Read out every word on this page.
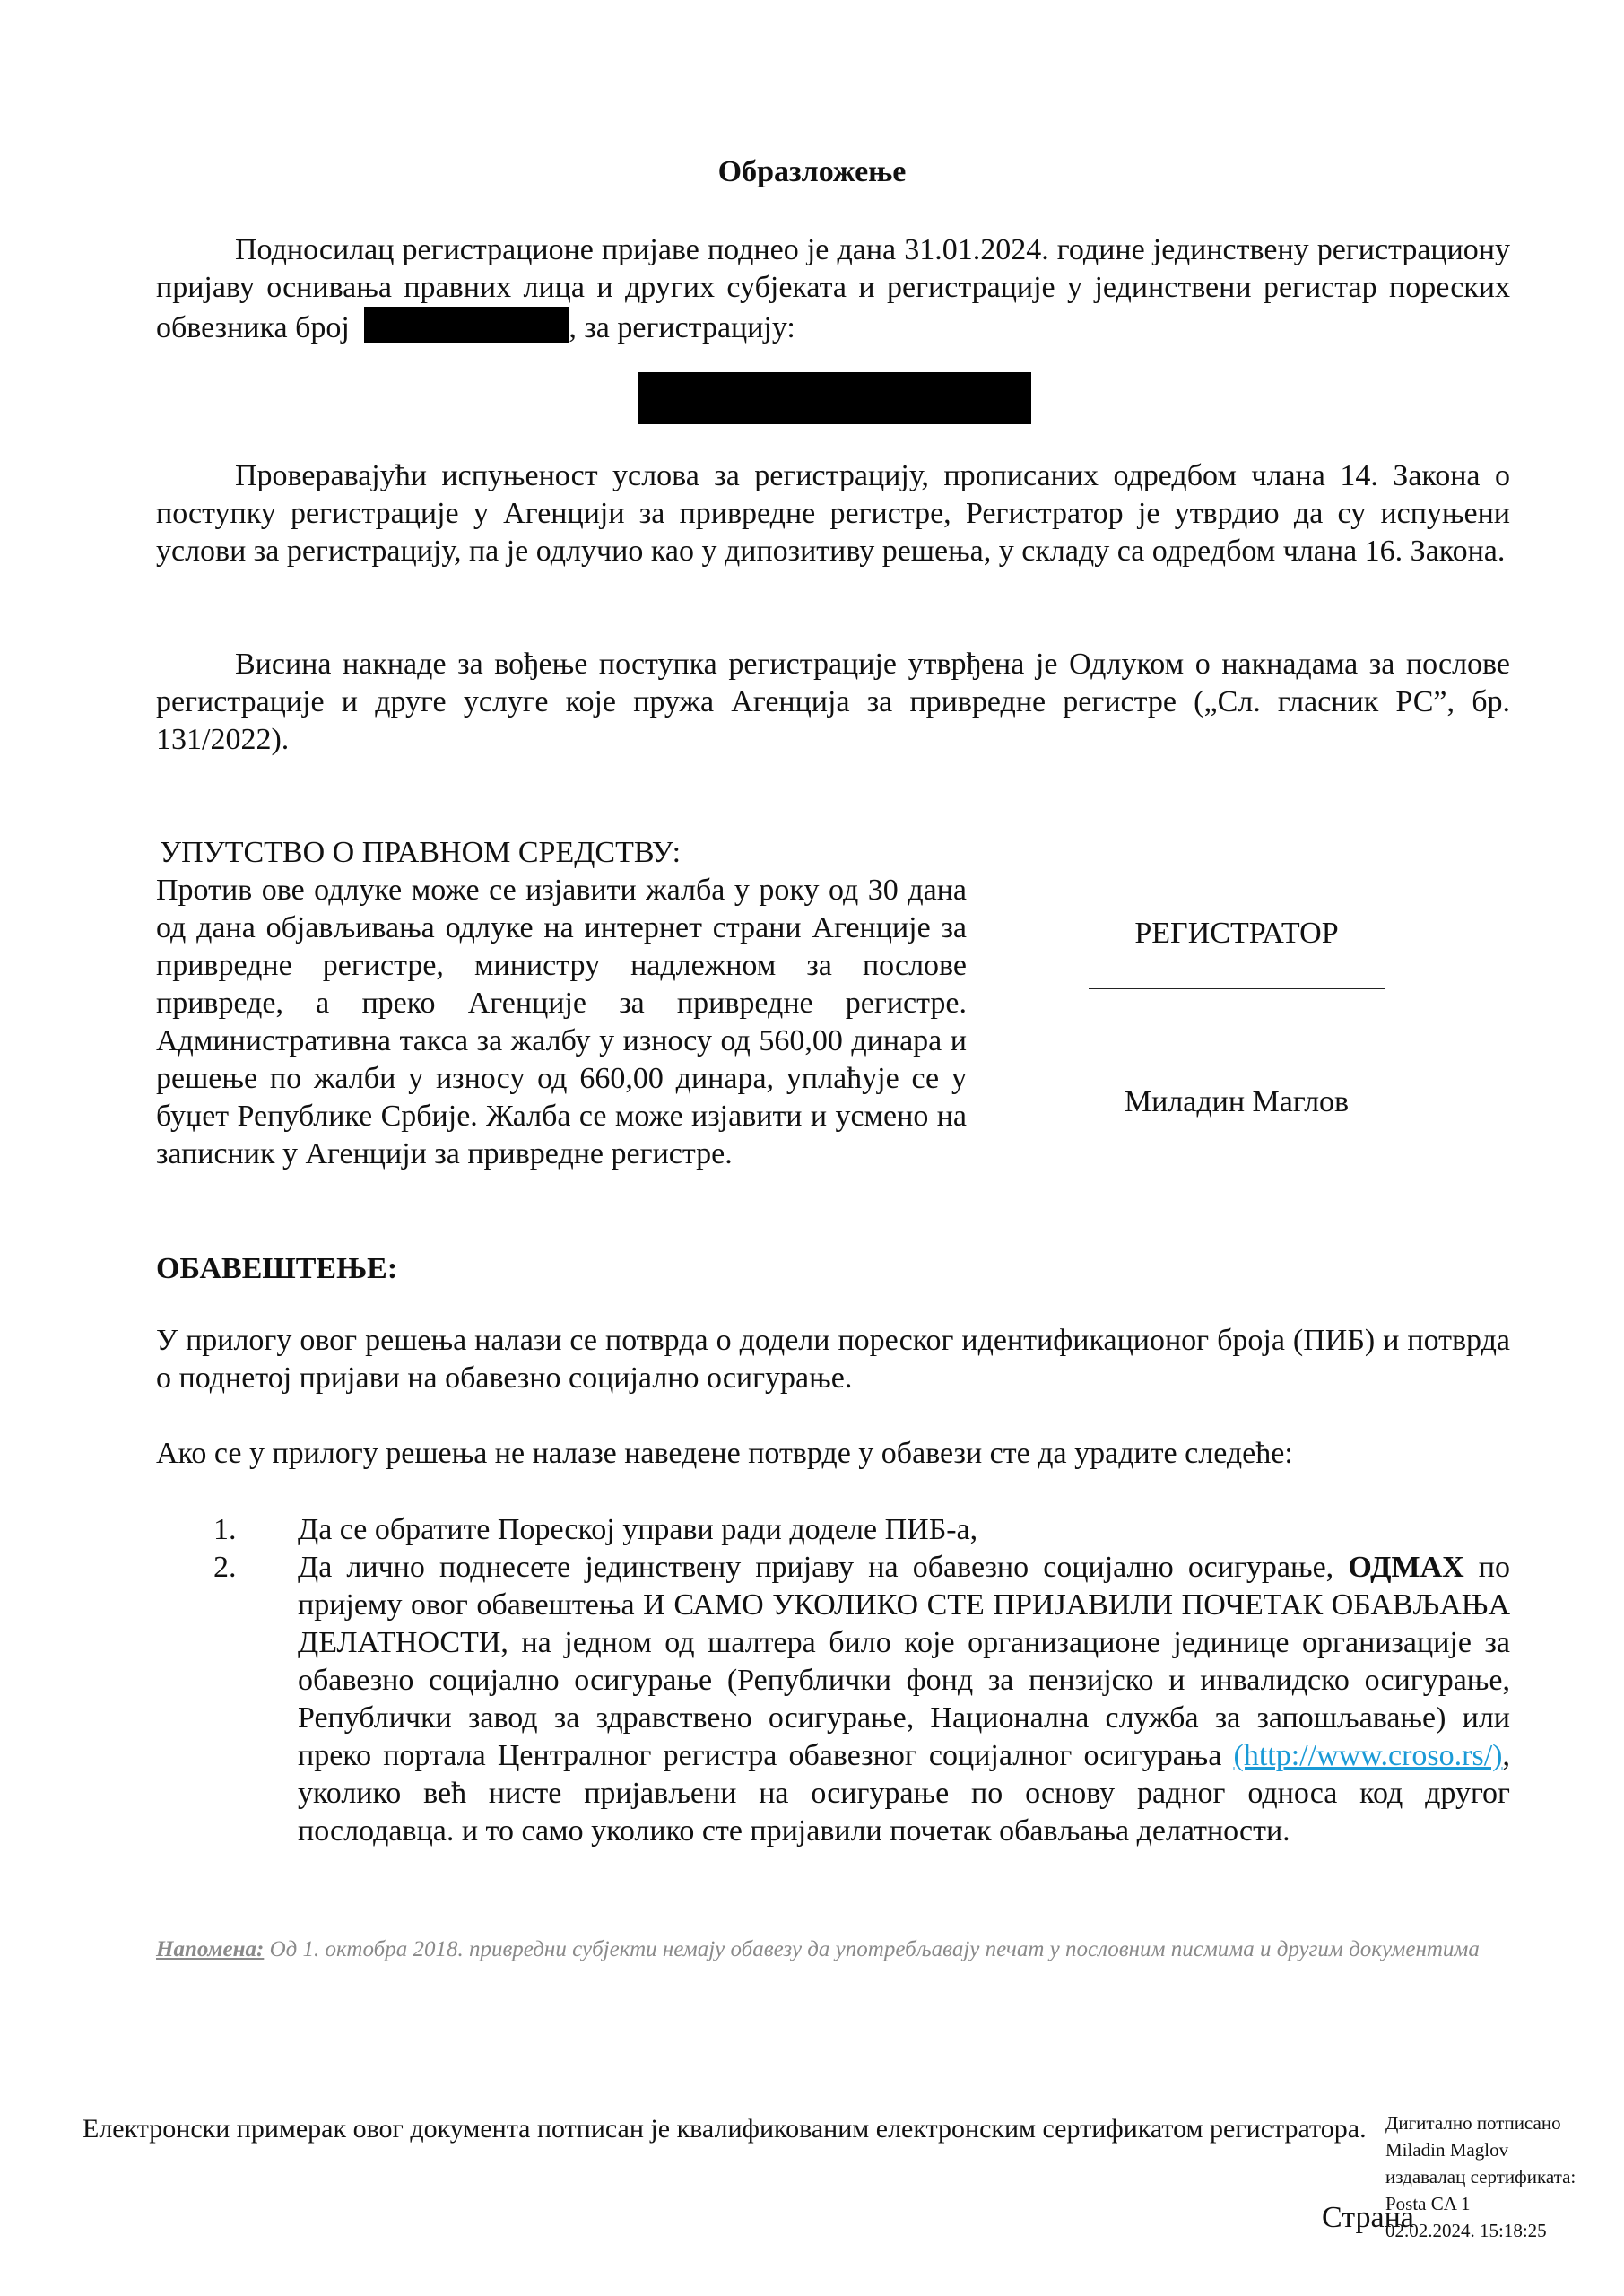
Образложење
Подносилац регистрационе пријаве поднео је дана 31.01.2024. године јединствену регистрациону пријаву оснивања правних лица и других субјеката и регистрације у јединствени регистар пореских обвезника број	, за регистрацију:
Проверавајући испуњеност услова за регистрацију, прописаних одредбом члана 14. Закона о поступку регистрације у Агенцији за привредне регистре, Регистратор је утврдио да су испуњени услови за регистрацију, па је одлучио као у дипозитиву решења, у складу са одредбом члана 16. Закона.
Висина накнаде за вођење поступка регистрације утврђена је Одлуком о накнадама за послове регистрације и друге услуге које пружа Агенција за привредне регистре („Сл. гласник РС”, бр. 131/2022).
УПУТСТВО О ПРАВНОМ СРЕДСТВУ:
Против ове одлуке може се изјавити жалба у року од 30 дана од дана објављивања одлуке на интернет страни Агенције за привредне регистре, министру надлежном за послове привреде, а преко Агенције за привредне регистре. Административна такса за жалбу у износу од 560,00 динара и решење по жалби у износу од 660,00 динара, уплаћује се у буџет Републике Србије. Жалба се може изјавити и усмено на записник у Агенцији за привредне регистре.
РЕГИСТРАТОР
Миладин Маглов
ОБАВЕШТЕЊЕ:
У прилогу овог решења налази се потврда о додели пореског идентификационог броја (ПИБ) и потврда о поднетој пријави на обавезно социјално осигурање.
Ако се у прилогу решења не налазе наведене потврде у обавези сте да урадите следеће:
1. Да се обратите Пореској управи ради доделе ПИБ-а,
2. Да лично поднесете јединствену пријаву на обавезно социјално осигурање, ОДМАХ по пријему овог обавештења И САМО УКОЛИКО СТЕ ПРИЈАВИЛИ ПОЧЕТАК ОБАВЉАЊА ДЕЛАТНОСТИ, на једном од шалтера било које организационе јединице организације за обавезно социјално осигурање (Републички фонд за пензијско и инвалидско осигурање, Републички завод за здравствено осигурање, Национална служба за запошљавање) или преко портала Централног регистра обавезног социјалног осигурања (http://www.croso.rs/), уколико већ нисте пријављени на осигурање по основу радног односа код другог послодавца. и то само уколико сте пријавили почетак обављања делатности.
Напомена: Од 1. октобра 2018. привредни субјекти немају обавезу да употребљавају печат у пословним писмима и другим документима
Електронски примерак овог документа потписан је квалификованим електронским сертификатом регистратора.
Страна
Дигитално потписано
Miladin Maglov
издавалац сертификата:
Posta CA 1
02.02.2024. 15:18:25
